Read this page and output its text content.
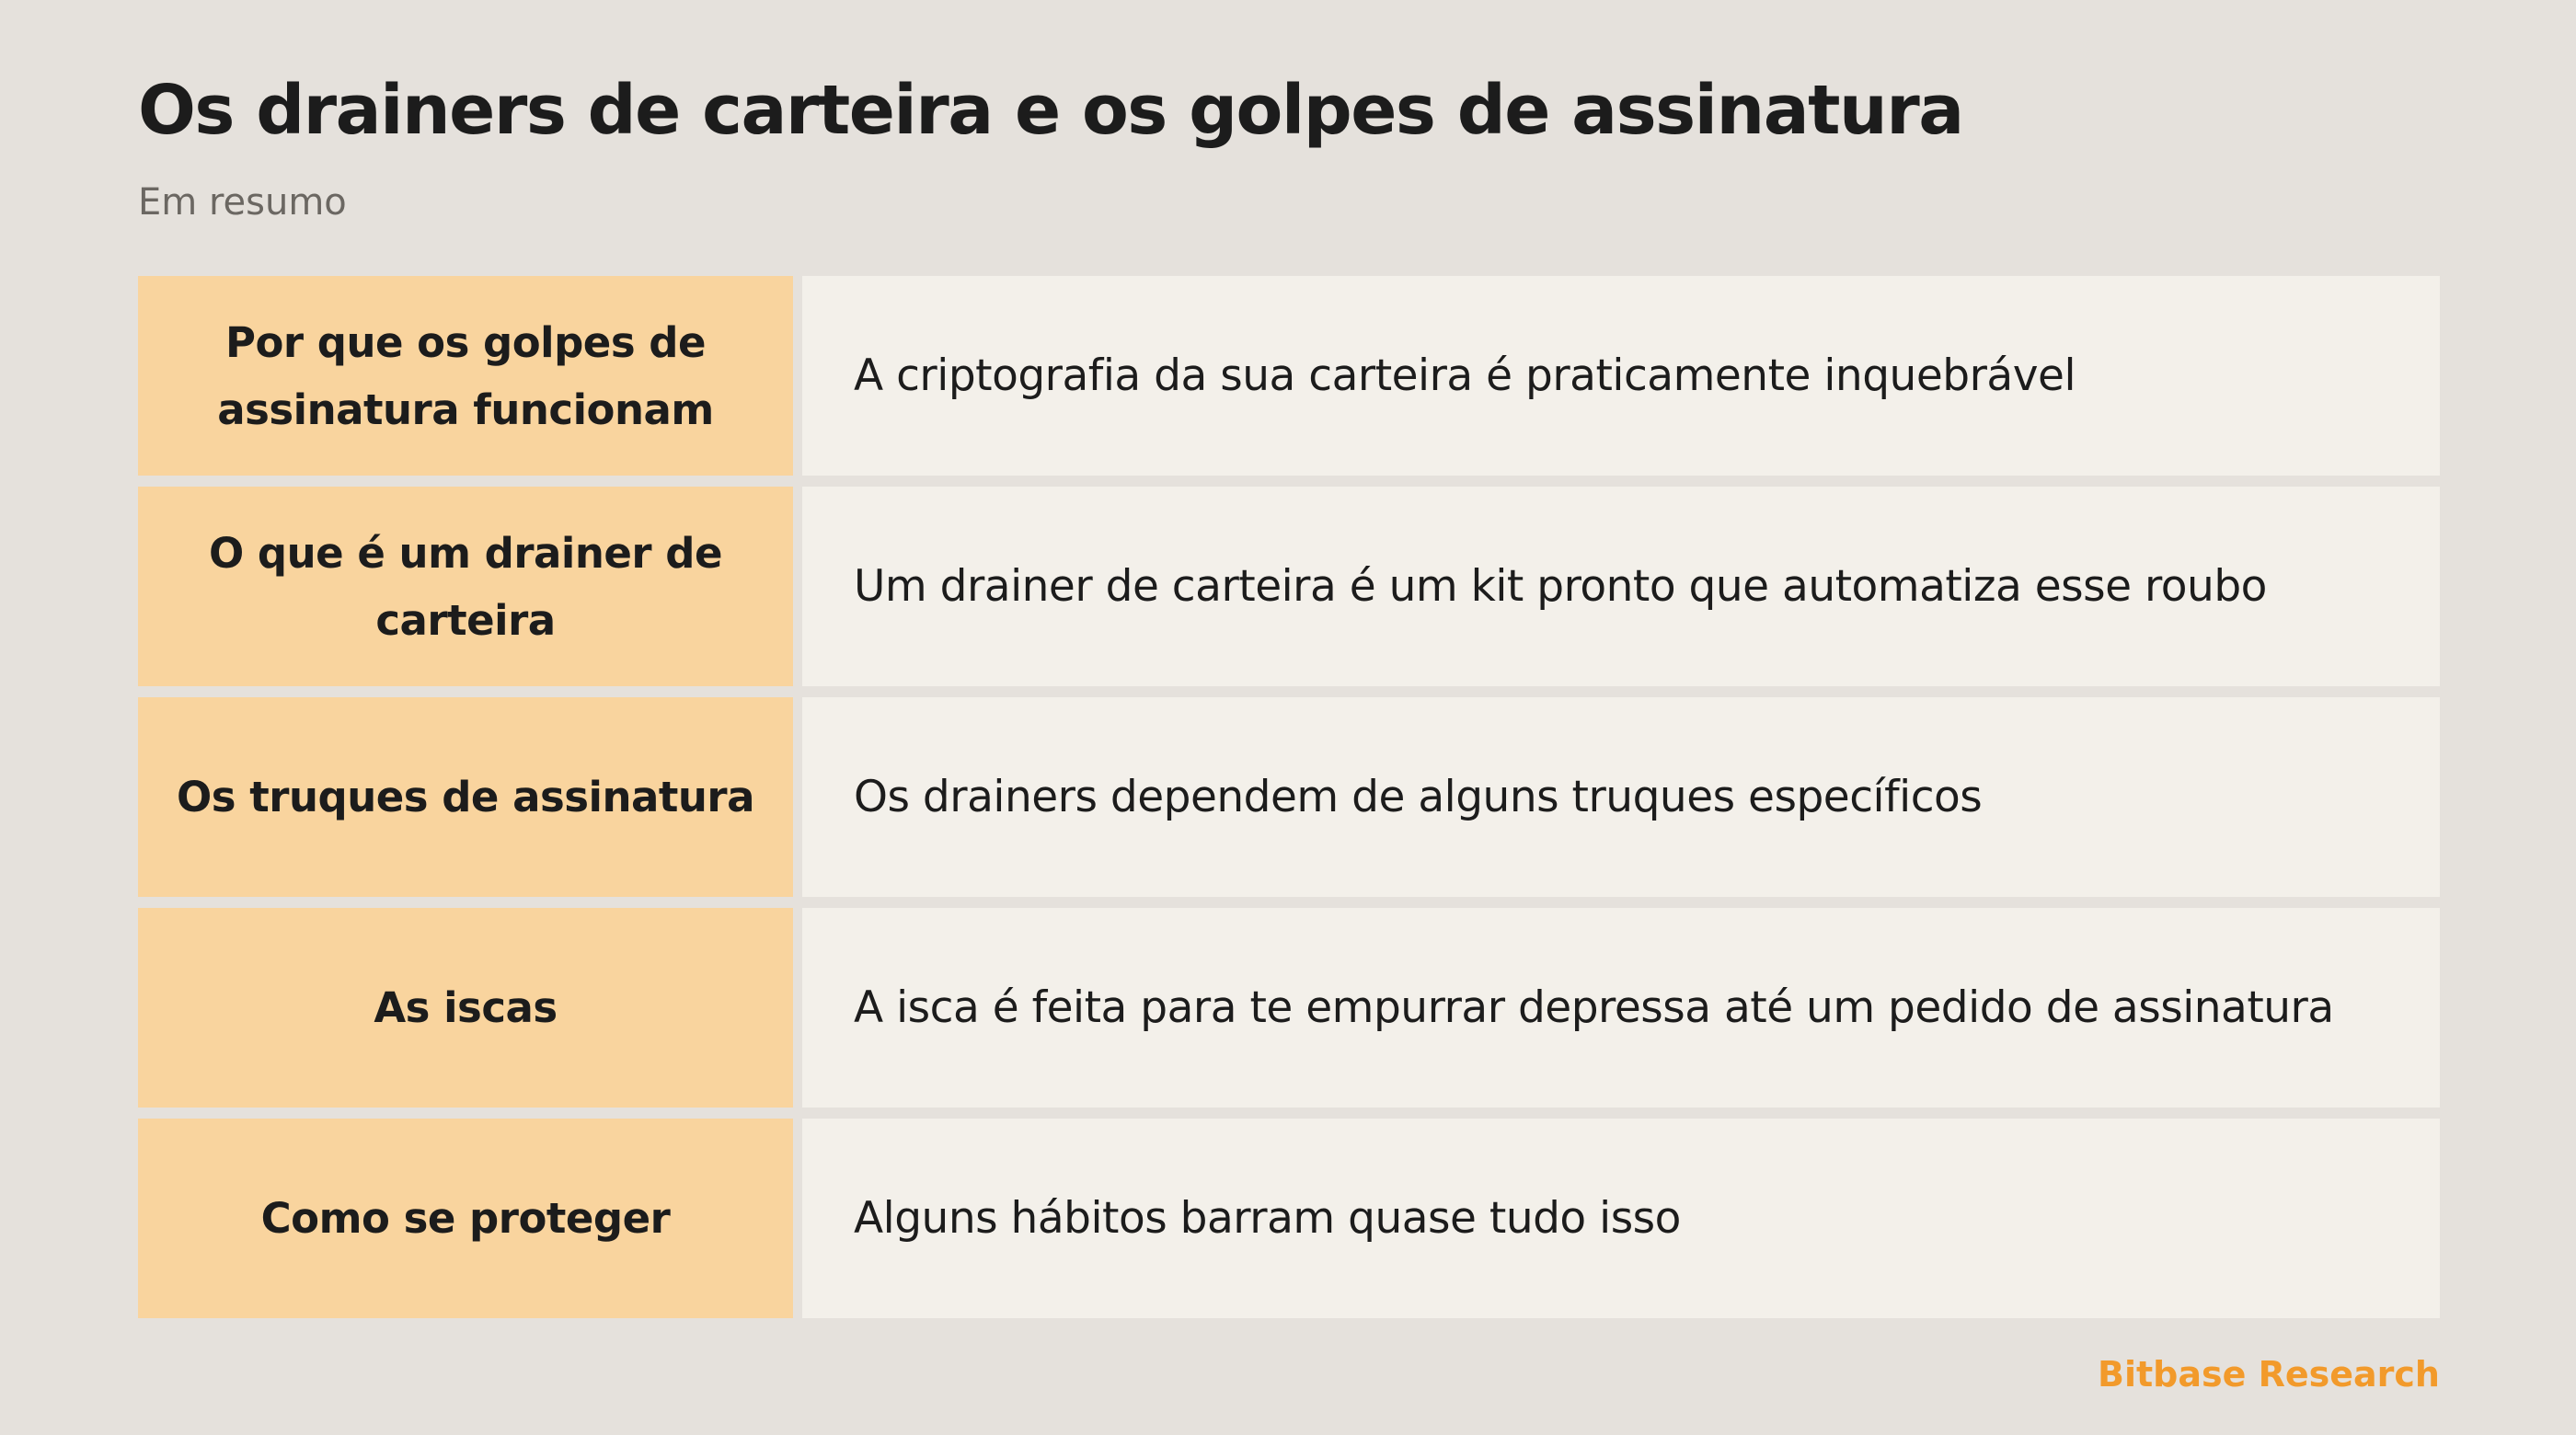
Os drainers de carteira e os golpes de assinatura
Em resumo
Por que os golpes de assinatura funcionam
A criptografia da sua carteira é praticamente inquebrável
O que é um drainer de carteira
Um drainer de carteira é um kit pronto que automatiza esse roubo
Os truques de assinatura Os drainers dependem de alguns truques específicos
As iscas	A isca é feita para te empurrar depressa até um pedido de assinatura
Como se proteger	Alguns hábitos barram quase tudo isso
Bitbase Research
